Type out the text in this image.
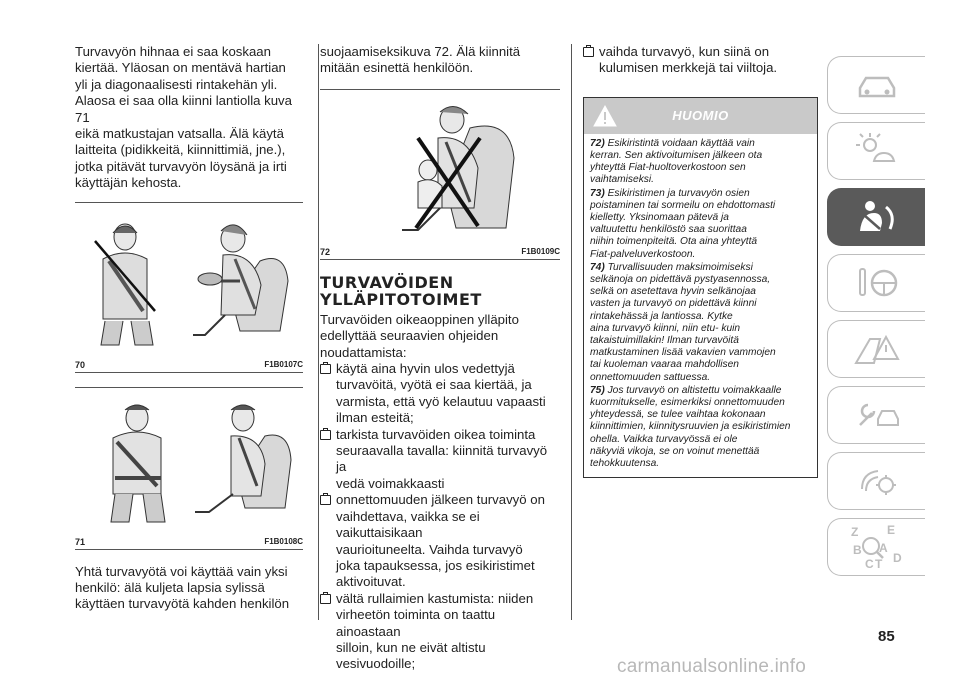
Turvavyön hihnaa ei saa koskaan
kiertää. Yläosan on mentävä hartian
yli ja diagonaalisesti rintakehän yli.
Alaosa ei saa olla kiinni lantiolla kuva 71
eikä matkustajan vatsalla. Älä käytä
laitteita (pidikkeitä, kiinnittimiä, jne.),
jotka pitävät turvavyön löysänä ja irti
käyttäjän kehosta.

70	F1B0107C
71	F1B0108C

Yhtä turvavyötä voi käyttää vain yksi
henkilö: älä kuljeta lapsia sylissä
käyttäen turvavyötä kahden henkilön

suojaamiseksikuva 72. Älä kiinnitä
mitään esinettä henkilöön.

72	F1B0109C
TURVAVÖIDEN
YLLÄPITOTOIMET

Turvavöiden oikeaoppinen ylläpito
edellyttää seuraavien ohjeiden
noudattamista:

käytä aina hyvin ulos vedettyjä
turvavöitä, vyötä ei saa kiertää, ja
varmista, että vyö kelautuu vapaasti
ilman esteitä;

tarkista turvavöiden oikea toiminta
seuraavalla tavalla: kiinnitä turvavyö ja
vedä voimakkaasti

onnettomuuden jälkeen turvavyö on
vaihdettava, vaikka se ei vaikuttaisikaan
vaurioituneelta. Vaihda turvavyö
joka tapauksessa, jos esikiristimet
aktivoituvat.

vältä rullaimien kastumista: niiden
virheetön toiminta on taattu ainoastaan
silloin, kun ne eivät altistu vesivuodoille;

vaihda turvavyö, kun siinä on
kulumisen merkkejä tai viiltoja.

HUOMIO

72) Esikiristintä voidaan käyttää vain
kerran. Sen aktivoitumisen jälkeen ota
yhteyttä Fiat-huoltoverkostoon sen
vaihtamiseksi.

73) Esikiristimen ja turvavyön osien
poistaminen tai sormeilu on ehdottomasti
kielletty. Yksinomaan pätevä ja
valtuutettu henkilöstö saa suorittaa
niihin toimenpiteitä. Ota aina yhteyttä
Fiat-palveluverkostoon.

74) Turvallisuuden maksimoimiseksi
selkänoja on pidettävä pystyasennossa,
selkä on asetettava hyvin selkänojaa
vasten ja turvavyö on pidettävä kiinni
rintakehässä ja lantiossa. Kytke
aina turvavyö kiinni, niin etu- kuin
takaistuimillakin! Ilman turvavöitä
matkustaminen lisää vakavien vammojen
tai kuoleman vaaraa mahdollisen
onnettomuuden sattuessa.

75) Jos turvavyö on altistettu voimakkaalle
kuormitukselle, esimerkiksi onnettomuuden
yhteydessä, se tulee vaihtaa kokonaan
kiinnittimien, kiinnitysruuvien ja esikiristimien
ohella. Vaikka turvavyössä ei ole
näkyviä vikoja, se on voinut menettää
tehokkuutensa.

Z E
B A
C T D
85
carmanualsonline.info
